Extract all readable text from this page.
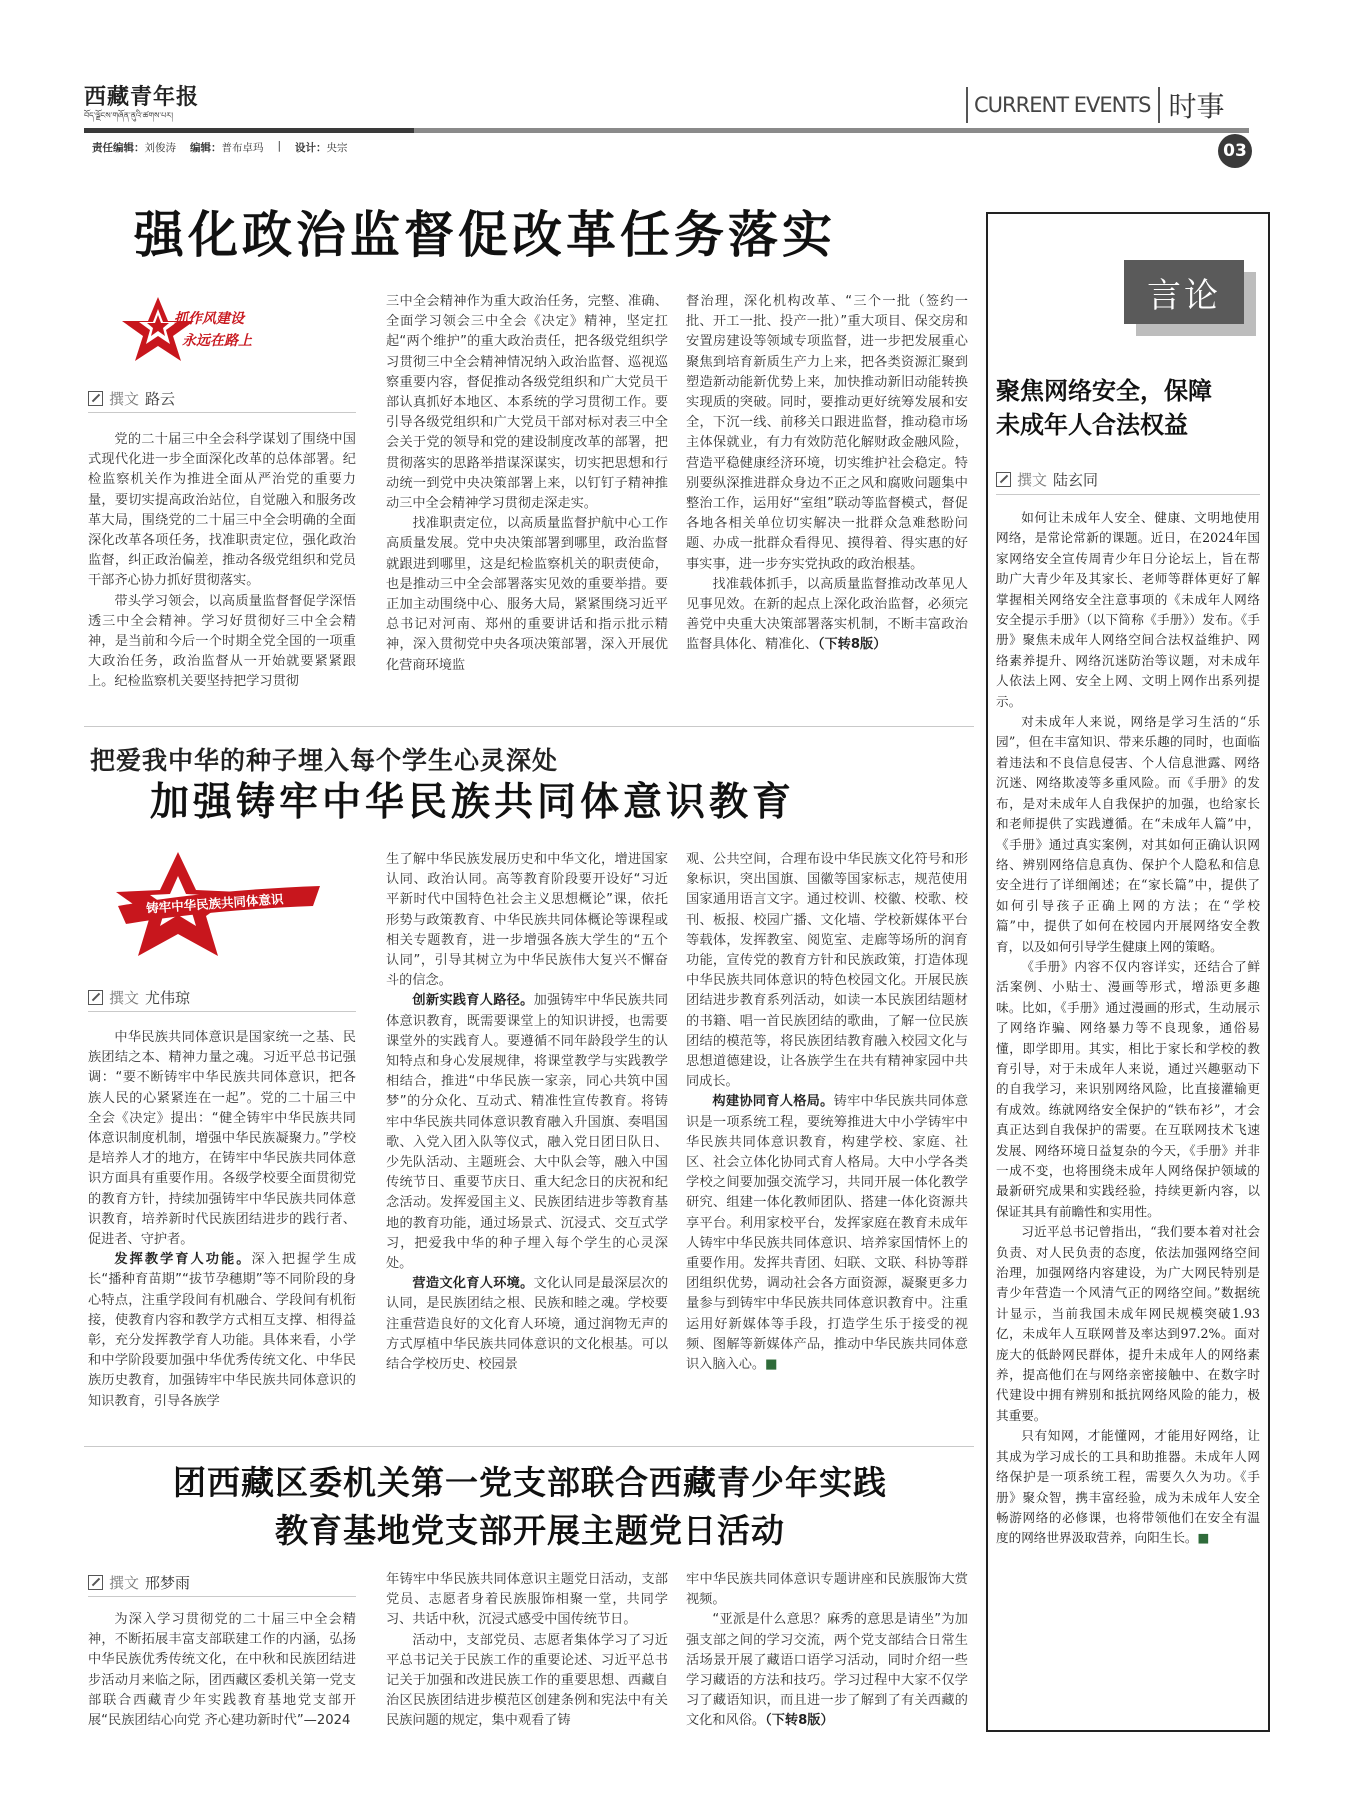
西藏青年报
བོད་ལྗོངས་གཞོན་ནུའི་ཚགས་པར།	CURRENT EVENTS 时事
责任编辑：刘俊涛 编辑：普布卓玛 | 设计：央宗	03
强化政治监督促改革任务落实
抓作风建设
永远在路上
撰文 路云

党的二十届三中全会科学谋划了围绕中国式现代化进一步全面深化改革的总体部署。纪检监察机关作为推进全面从严治党的重要力量，要切实提高政治站位，自觉融入和服务改革大局，围绕党的二十届三中全会明确的全面深化改革各项任务，找准职责定位，强化政治监督，纠正政治偏差，推动各级党组织和党员干部齐心协力抓好贯彻落实。

带头学习领会，以高质量监督督促学深悟透三中全会精神。学习好贯彻好三中全会精神，是当前和今后一个时期全党全国的一项重大政治任务，政治监督从一开始就要紧紧跟上。纪检监察机关要坚持把学习贯彻

三中全会精神作为重大政治任务，完整、准确、全面学习领会三中全会《决定》精神，坚定扛起“两个维护”的重大政治责任，把各级党组织学习贯彻三中全会精神情况纳入政治监督、巡视巡察重要内容，督促推动各级党组织和广大党员干部认真抓好本地区、本系统的学习贯彻工作。要引导各级党组织和广大党员干部对标对表三中全会关于党的领导和党的建设制度改革的部署，把贯彻落实的思路举措谋深谋实，切实把思想和行动统一到党中央决策部署上来，以钉钉子精神推动三中全会精神学习贯彻走深走实。

找准职责定位，以高质量监督护航中心工作高质量发展。党中央决策部署到哪里，政治监督就跟进到哪里，这是纪检监察机关的职责使命，也是推动三中全会部署落实见效的重要举措。要正加主动围绕中心、服务大局，紧紧围绕习近平总书记对河南、郑州的重要讲话和指示批示精神，深入贯彻党中央各项决策部署，深入开展优化营商环境监

督治理，深化机构改革、“三个一批（签约一批、开工一批、投产一批）”重大项目、保交房和安置房建设等领域专项监督，进一步把发展重心聚焦到培育新质生产力上来，把各类资源汇聚到塑造新动能新优势上来，加快推动新旧动能转换实现质的突破。同时，要推动更好统筹发展和安全，下沉一线、前移关口跟进监督，推动稳市场主体保就业，有力有效防范化解财政金融风险，营造平稳健康经济环境，切实维护社会稳定。特别要纵深推进群众身边不正之风和腐败问题集中整治工作，运用好“室组”联动等监督模式，督促各地各相关单位切实解决一批群众急难愁盼问题、办成一批群众看得见、摸得着、得实惠的好事实事，进一步夯实党执政的政治根基。

找准载体抓手，以高质量监督推动改革见人见事见效。在新的起点上深化政治监督，必须完善党中央重大决策部署落实机制，不断丰富政治监督具体化、精准化、（下转8版）

把爱我中华的种子埋入每个学生心灵深处
加强铸牢中华民族共同体意识教育
铸牢中华民族共同体意识
撰文 尤伟琼

中华民族共同体意识是国家统一之基、民族团结之本、精神力量之魂。习近平总书记强调：“要不断铸牢中华民族共同体意识，把各族人民的心紧紧连在一起”。党的二十届三中全会《决定》提出：“健全铸牢中华民族共同体意识制度机制，增强中华民族凝聚力。”学校是培养人才的地方，在铸牢中华民族共同体意识方面具有重要作用。各级学校要全面贯彻党的教育方针，持续加强铸牢中华民族共同体意识教育，培养新时代民族团结进步的践行者、促进者、守护者。

发挥教学育人功能。深入把握学生成长“播种育苗期”“拔节孕穗期”等不同阶段的身心特点，注重学段间有机融合、学段间有机衔接，使教育内容和教学方式相互支撑、相得益彰，充分发挥教学育人功能。具体来看，小学和中学阶段要加强中华优秀传统文化、中华民族历史教育，加强铸牢中华民族共同体意识的知识教育，引导各族学

生了解中华民族发展历史和中华文化，增进国家认同、政治认同。高等教育阶段要开设好“习近平新时代中国特色社会主义思想概论”课，依托形势与政策教育、中华民族共同体概论等课程或相关专题教育，进一步增强各族大学生的“五个认同”，引导其树立为中华民族伟大复兴不懈奋斗的信念。

创新实践育人路径。加强铸牢中华民族共同体意识教育，既需要课堂上的知识讲授，也需要课堂外的实践育人。要遵循不同年龄段学生的认知特点和身心发展规律，将课堂教学与实践教学相结合，推进“中华民族一家亲，同心共筑中国梦”的分众化、互动式、精准性宣传教育。将铸牢中华民族共同体意识教育融入升国旗、奏唱国歌、入党入团入队等仪式，融入党日团日队日、少先队活动、主题班会、大中队会等，融入中国传统节日、重要节庆日、重大纪念日的庆祝和纪念活动。发挥爱国主义、民族团结进步等教育基地的教育功能，通过场景式、沉浸式、交互式学习，把爱我中华的种子埋入每个学生的心灵深处。

营造文化育人环境。文化认同是最深层次的认同，是民族团结之根、民族和睦之魂。学校要注重营造良好的文化育人环境，通过润物无声的方式厚植中华民族共同体意识的文化根基。可以结合学校历史、校园景

观、公共空间，合理布设中华民族文化符号和形象标识，突出国旗、国徽等国家标志，规范使用国家通用语言文字。通过校训、校徽、校歌、校刊、板报、校园广播、文化墙、学校新媒体平台等载体，发挥教室、阅览室、走廊等场所的润育功能，宣传党的教育方针和民族政策，打造体现中华民族共同体意识的特色校园文化。开展民族团结进步教育系列活动，如读一本民族团结题材的书籍、唱一首民族团结的歌曲，了解一位民族团结的模范等，将民族团结教育融入校园文化与思想道德建设，让各族学生在共有精神家园中共同成长。

构建协同育人格局。铸牢中华民族共同体意识是一项系统工程，要统筹推进大中小学铸牢中华民族共同体意识教育，构建学校、家庭、社区、社会立体化协同式育人格局。大中小学各类学校之间要加强交流学习，共同开展一体化教学研究、组建一体化教师团队、搭建一体化资源共享平台。利用家校平台，发挥家庭在教育未成年人铸牢中华民族共同体意识、培养家国情怀上的重要作用。发挥共青团、妇联、文联、科协等群团组织优势，调动社会各方面资源，凝聚更多力量参与到铸牢中华民族共同体意识教育中。注重运用好新媒体等手段，打造学生乐于接受的视频、图解等新媒体产品，推动中华民族共同体意识入脑入心。■

团西藏区委机关第一党支部联合西藏青少年实践
教育基地党支部开展主题党日活动
撰文 邢梦雨

为深入学习贯彻党的二十届三中全会精神，不断拓展丰富支部联建工作的内涵，弘扬中华民族优秀传统文化，在中秋和民族团结进步活动月来临之际，团西藏区委机关第一党支部联合西藏青少年实践教育基地党支部开展“民族团结心向党 齐心建功新时代”—2024

年铸牢中华民族共同体意识主题党日活动，支部党员、志愿者身着民族服饰相聚一堂，共同学习、共话中秋，沉浸式感受中国传统节日。

活动中，支部党员、志愿者集体学习了习近平总书记关于民族工作的重要论述、习近平总书记关于加强和改进民族工作的重要思想、西藏自治区民族团结进步模范区创建条例和宪法中有关民族问题的规定，集中观看了铸

牢中华民族共同体意识专题讲座和民族服饰大赏视频。

“亚派是什么意思？麻秀的意思是请坐”为加强支部之间的学习交流，两个党支部结合日常生活场景开展了藏语口语学习活动，同时介绍一些学习藏语的方法和技巧。学习过程中大家不仅学习了藏语知识，而且进一步了解到了有关西藏的文化和风俗。（下转8版）

言论
聚焦网络安全，保障
未成年人合法权益
撰文 陆玄同

如何让未成年人安全、健康、文明地使用网络，是常论常新的课题。近日，在2024年国家网络安全宣传周青少年日分论坛上，旨在帮助广大青少年及其家长、老师等群体更好了解掌握相关网络安全注意事项的《未成年人网络安全提示手册》（以下简称《手册》）发布。《手册》聚焦未成年人网络空间合法权益维护、网络素养提升、网络沉迷防治等议题，对未成年人依法上网、安全上网、文明上网作出系列提示。

对未成年人来说，网络是学习生活的“乐园”，但在丰富知识、带来乐趣的同时，也面临着违法和不良信息侵害、个人信息泄露、网络沉迷、网络欺凌等多重风险。而《手册》的发布，是对未成年人自我保护的加强，也给家长和老师提供了实践遵循。在“未成年人篇”中，《手册》通过真实案例，对其如何正确认识网络、辨别网络信息真伪、保护个人隐私和信息安全进行了详细阐述；在“家长篇”中，提供了如何引导孩子正确上网的方法；在“学校篇”中，提供了如何在校园内开展网络安全教育，以及如何引导学生健康上网的策略。

《手册》内容不仅内容详实，还结合了鲜活案例、小贴士、漫画等形式，增添更多趣味。比如，《手册》通过漫画的形式，生动展示了网络诈骗、网络暴力等不良现象，通俗易懂，即学即用。其实，相比于家长和学校的教育引导，对于未成年人来说，通过兴趣驱动下的自我学习，来识别网络风险，比直接灌输更有成效。练就网络安全保护的“铁布衫”，才会真正达到自我保护的需要。在互联网技术飞速发展、网络环境日益复杂的今天，《手册》并非一成不变，也将围绕未成年人网络保护领域的最新研究成果和实践经验，持续更新内容，以保证其具有前瞻性和实用性。

习近平总书记曾指出，“我们要本着对社会负责、对人民负责的态度，依法加强网络空间治理，加强网络内容建设，为广大网民特别是青少年营造一个风清气正的网络空间。”数据统计显示，当前我国未成年网民规模突破1.93亿，未成年人互联网普及率达到97.2%。面对庞大的低龄网民群体，提升未成年人的网络素养，提高他们在与网络亲密接触中、在数字时代建设中拥有辨别和抵抗网络风险的能力，极其重要。

只有知网，才能懂网，才能用好网络，让其成为学习成长的工具和助推器。未成年人网络保护是一项系统工程，需要久久为功。《手册》聚众智，携丰富经验，成为未成年人安全畅游网络的必修课，也将带领他们在安全有温度的网络世界汲取营养，向阳生长。■
